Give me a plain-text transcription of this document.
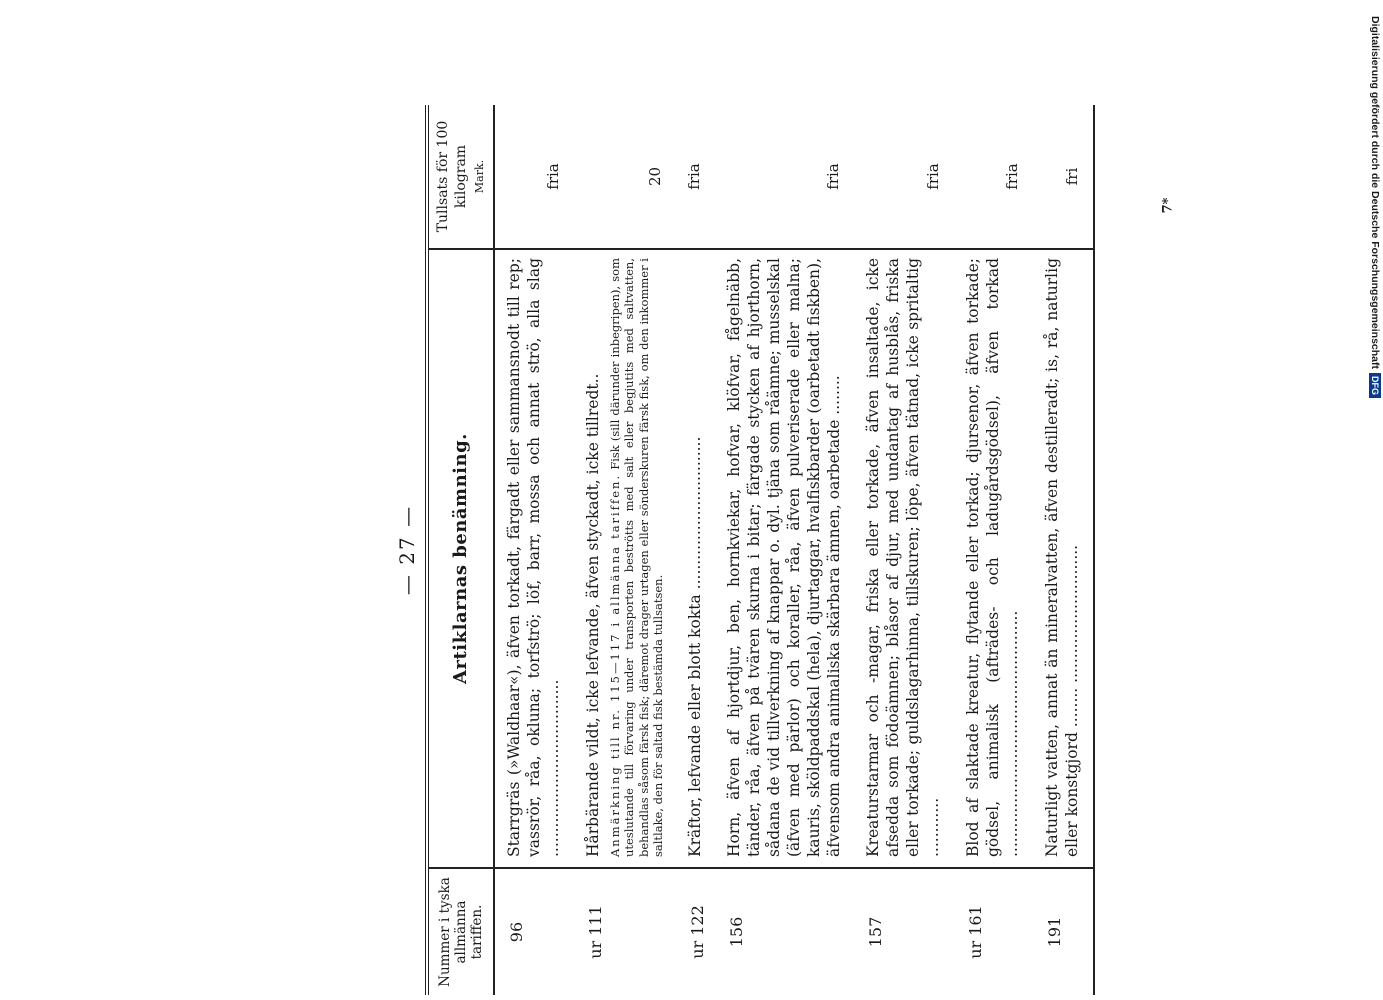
— 27 —
Nummer i tyska allmänna tariffen.	Artiklarnas benämning.	Tullsats för 100 kilogram Mark.

96	Starrgräs (»Waldhaar«), äfven torkadt, färgadt eller sammansnodt till rep; vassrör, råa, okluna; torfströ; löf, barr, mossa och annat strö, alla slag ....................................	fria
ur 111	Hårbärande vildt, icke lefvande, äfven styckadt, icke tillredt.. Anmärkning till nr. 115—117 i allmänna tariffen. Fisk (sill därunder inbegripen), som uteslutande till förvaring under transporten beströtts med salt eller begjutits med saltvatten, behandlas såsom färsk fisk; däremot drager urtagen eller sönderskuren färsk fisk, om den inkommer i saltlake, den för saltad fisk bestämda tullsatsen.	20
ur 122	Kräftor, lefvande eller blott kokta ...............................	fria
156	Horn, äfven af hjortdjur, ben, hornkviekar, hofvar, klöfvar, fågelnäbb, tänder, råa, äfven på tvären skurna i bitar; färgade stycken af hjorthorn, sådana de vid tillverkning af knappar o. dyl. tjäna som råämne; musselskal (äfven med pärlor) och koraller, råa, äfven pulveriserade eller malna; kauris, sköldpaddskal (hela), djurtaggar, hvalfiskbarder (oarbetadt fiskben), äfvensom andra animaliska skärbara ämnen, oarbetade ........	fria
157	Kreaturstarmar och -magar, friska eller torkade, äfven insaltade, icke afsedda som födoämnen; blåsor af djur, med undantag af husblås, friska eller torkade; guldslagarhinna, tillskuren; löpe, äfven tätnad, icke spritaltig ............	fria
ur 161	Blod af slaktade kreatur, flytande eller torkad; djursenor, äfven torkade; gödsel, animalisk (afträdes- och ladugårdsgödsel), äfven torkad ..................................................	fria
191	Naturligt vatten, annat än mineralvatten, äfven destilleradt; is, rå, naturlig eller konstgjord ........ ............................	fri
7*
DFG
Digitalisierung gefördert durch die Deutsche Forschungsgemeinschaft
